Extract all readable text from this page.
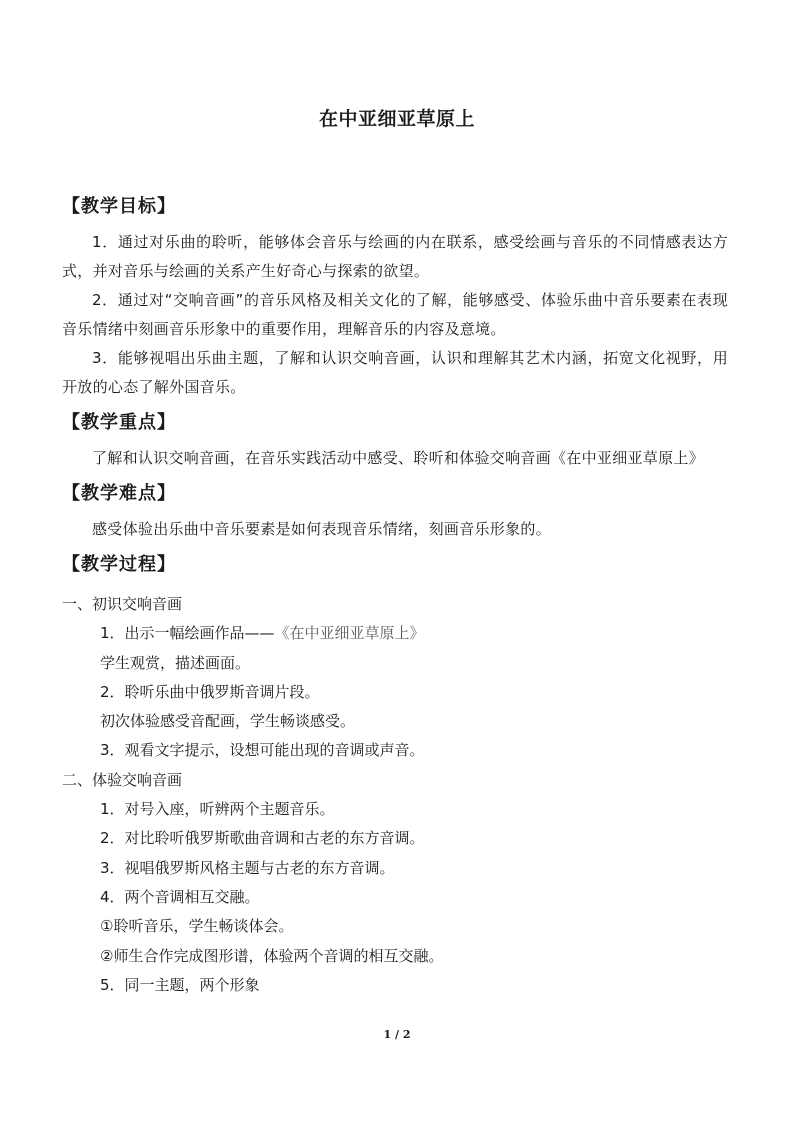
在中亚细亚草原上
【教学目标】
1．通过对乐曲的聆听，能够体会音乐与绘画的内在联系，感受绘画与音乐的不同情感表达方式，并对音乐与绘画的关系产生好奇心与探索的欲望。
2．通过对“交响音画”的音乐风格及相关文化的了解，能够感受、体验乐曲中音乐要素在表现音乐情绪中刻画音乐形象中的重要作用，理解音乐的内容及意境。
3．能够视唱出乐曲主题，了解和认识交响音画，认识和理解其艺术内涵，拓宽文化视野，用开放的心态了解外国音乐。
【教学重点】
了解和认识交响音画，在音乐实践活动中感受、聆听和体验交响音画《在中亚细亚草原上》
【教学难点】
感受体验出乐曲中音乐要素是如何表现音乐情绪，刻画音乐形象的。
【教学过程】
一、初识交响音画
1．出示一幅绘画作品——《在中亚细亚草原上》
学生观赏，描述画面。
2．聆听乐曲中俄罗斯音调片段。
初次体验感受音配画，学生畅谈感受。
3．观看文字提示，设想可能出现的音调或声音。
二、体验交响音画
1．对号入座，听辨两个主题音乐。
2．对比聆听俄罗斯歌曲音调和古老的东方音调。
3．视唱俄罗斯风格主题与古老的东方音调。
4．两个音调相互交融。
①聆听音乐，学生畅谈体会。
②师生合作完成图形谱，体验两个音调的相互交融。
5．同一主题，两个形象
1 / 2
